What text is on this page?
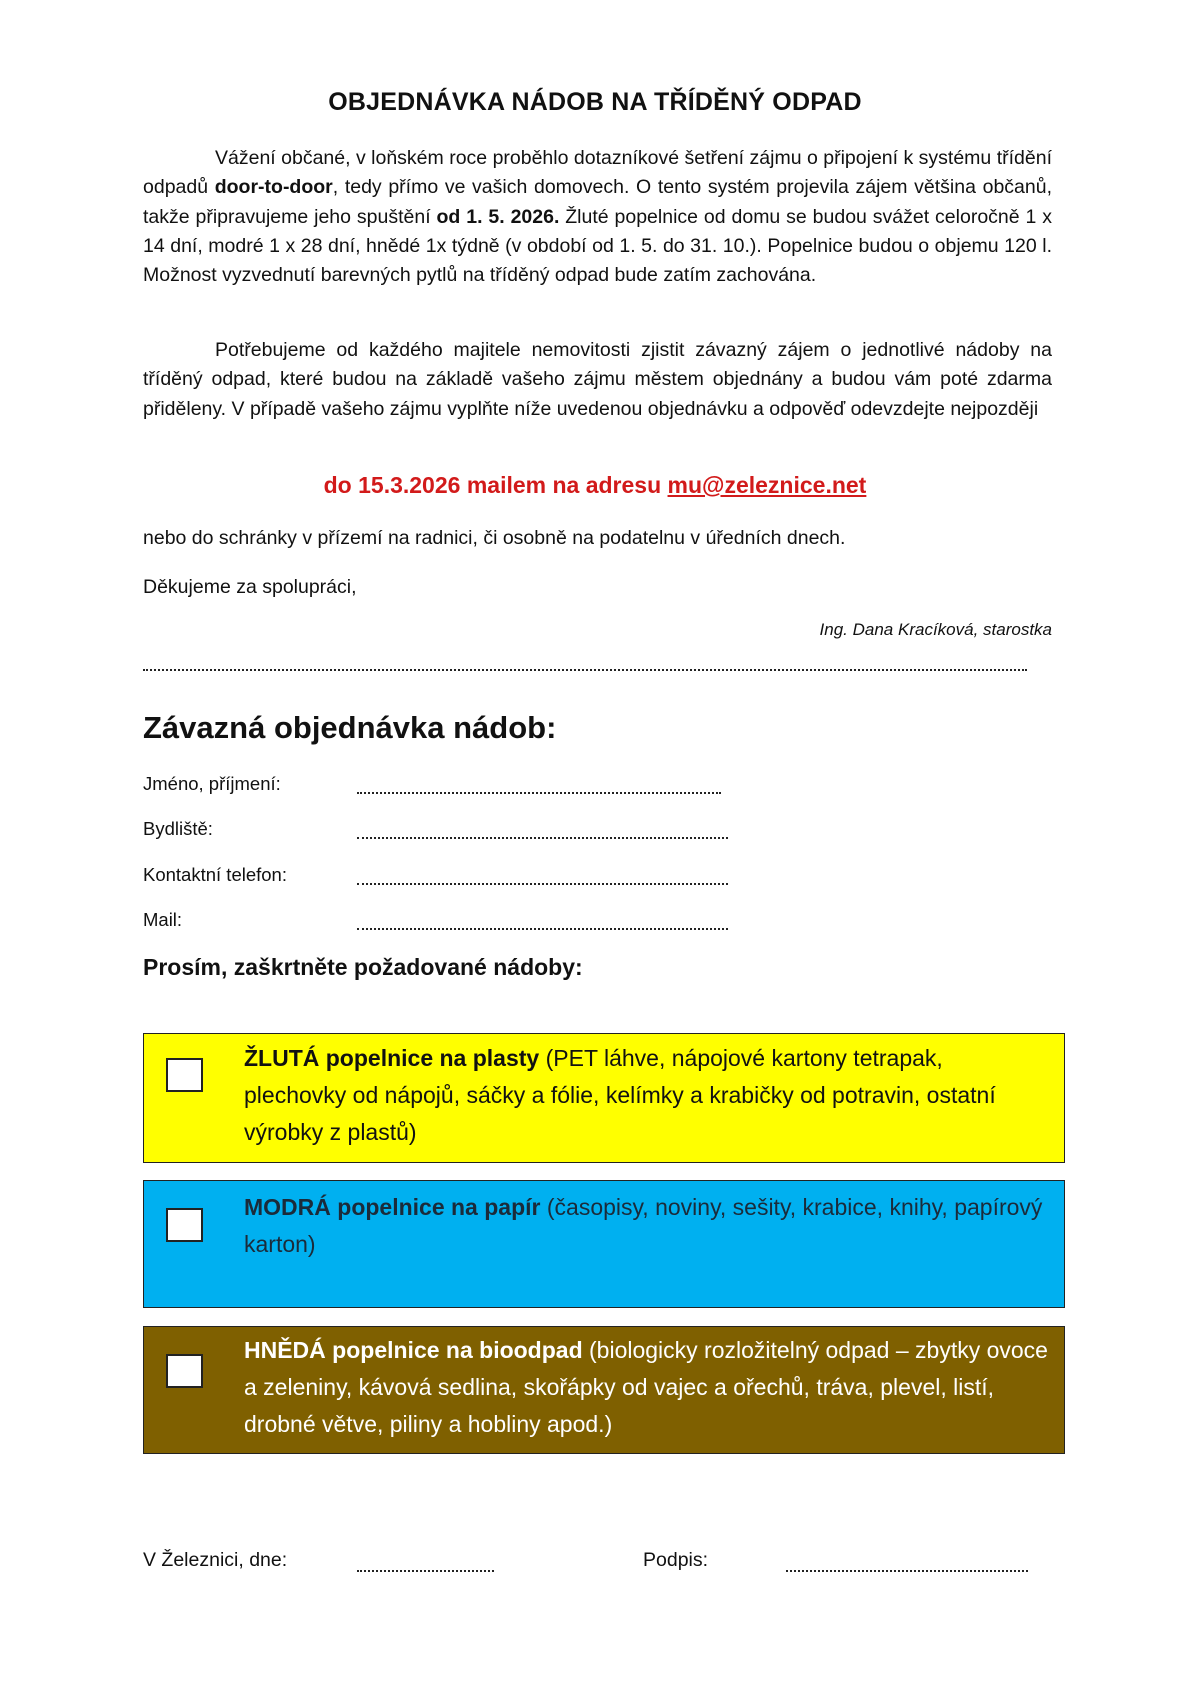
OBJEDNÁVKA NÁDOB NA TŘÍDĚNÝ ODPAD

Vážení občané, v loňském roce proběhlo dotazníkové šetření zájmu o připojení k systému třídění odpadů door-to-door, tedy přímo ve vašich domovech. O tento systém projevila zájem většina občanů, takže připravujeme jeho spuštění od 1. 5. 2026. Žluté popelnice od domu se budou svážet celoročně 1 x 14 dní, modré 1 x 28 dní, hnědé 1x týdně (v období od 1. 5. do 31. 10.). Popelnice budou o objemu 120 l. Možnost vyzvednutí barevných pytlů na tříděný odpad bude zatím zachována.

Potřebujeme od každého majitele nemovitosti zjistit závazný zájem o jednotlivé nádoby na tříděný odpad, které budou na základě vašeho zájmu městem objednány a budou vám poté zdarma přiděleny. V případě vašeho zájmu vyplňte níže uvedenou objednávku a odpověď odevzdejte nejpozději

do 15.3.2026 mailem na adresu mu@zeleznice.net
nebo do schránky v přízemí na radnici, či osobně na podatelnu v úředních dnech.
Děkujeme za spolupráci,
Ing. Dana Kracíková, starostka
Závazná objednávka nádob:
Jméno, příjmení:
Bydliště:
Kontaktní telefon:
Mail:
Prosím, zaškrtněte požadované nádoby:
ŽLUTÁ popelnice na plasty (PET láhve, nápojové kartony tetrapak, plechovky od nápojů, sáčky a fólie, kelímky a krabičky od potravin, ostatní výrobky z plastů)
MODRÁ popelnice na papír (časopisy, noviny, sešity, krabice, knihy, papírový karton)
HNĚDÁ popelnice na bioodpad (biologicky rozložitelný odpad – zbytky ovoce a zeleniny, kávová sedlina, skořápky od vajec a ořechů, tráva, plevel, listí, drobné větve, piliny a hobliny apod.)
V Železnici, dne:	Podpis:
